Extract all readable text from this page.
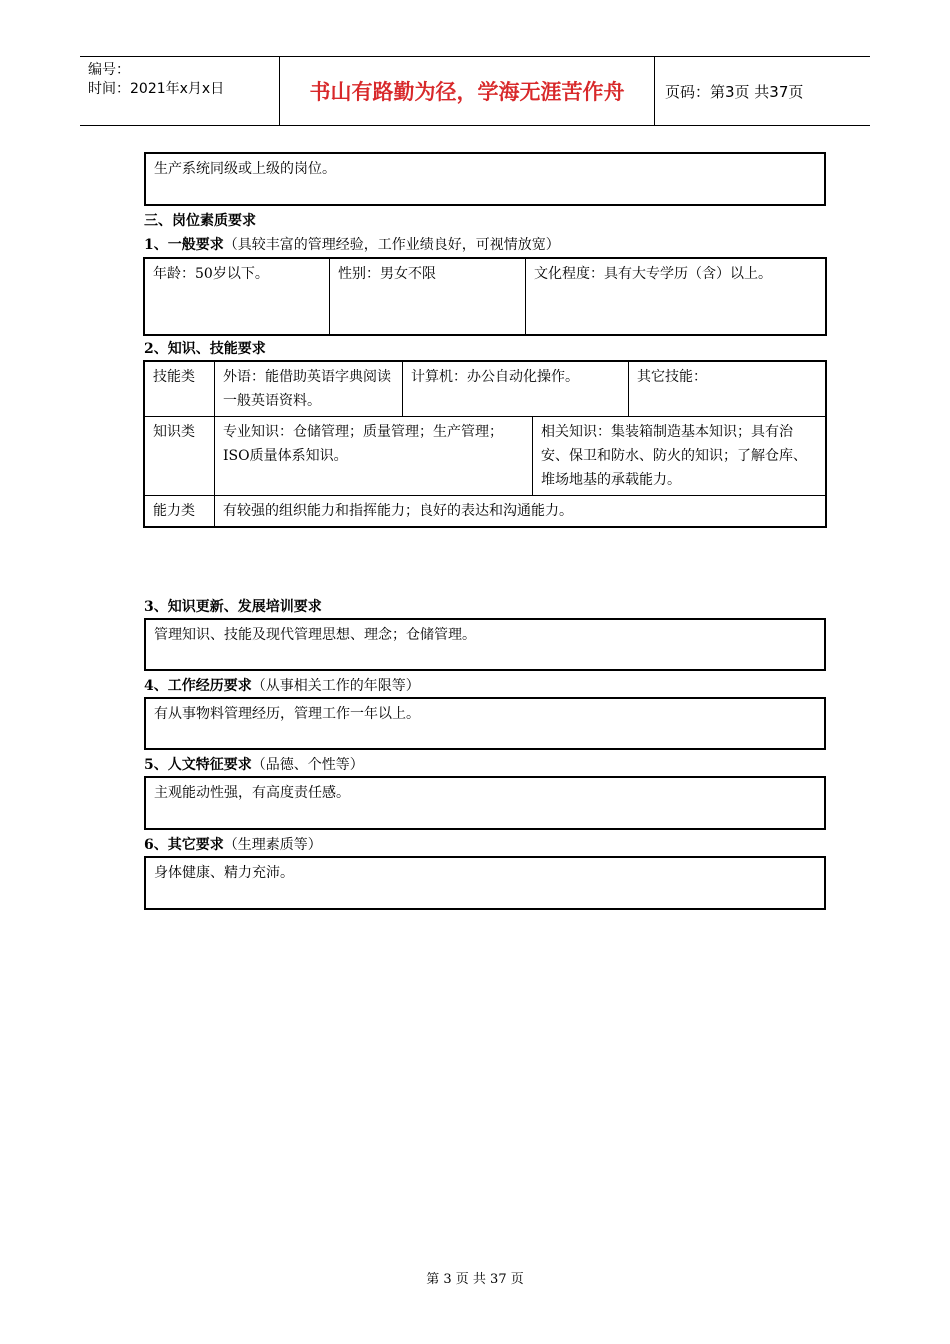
编号：
时间：2021年x月x日	书山有路勤为径，学海无涯苦作舟	页码：第3页 共37页
生产系统同级或上级的岗位。
三、岗位素质要求
1、一般要求（具较丰富的管理经验，工作业绩良好，可视情放宽）
年龄：50岁以下。	性别：男女不限	文化程度：具有大专学历（含）以上。
2、知识、技能要求
技能类	外语：能借助英语字典阅读一般英语资料。	计算机：办公自动化操作。		其它技能：
知识类	专业知识：仓储管理；质量管理；生产管理；ISO质量体系知识。		相关知识：集装箱制造基本知识；具有治安、保卫和防水、防火的知识；了解仓库、堆场地基的承载能力。	
能力类	有较强的组织能力和指挥能力；良好的表达和沟通能力。			
3、知识更新、发展培训要求
管理知识、技能及现代管理思想、理念；仓储管理。
4、工作经历要求（从事相关工作的年限等）
有从事物料管理经历，管理工作一年以上。
5、人文特征要求（品德、个性等）
主观能动性强，有高度责任感。
6、其它要求（生理素质等）
身体健康、精力充沛。
第 3 页 共 37 页
